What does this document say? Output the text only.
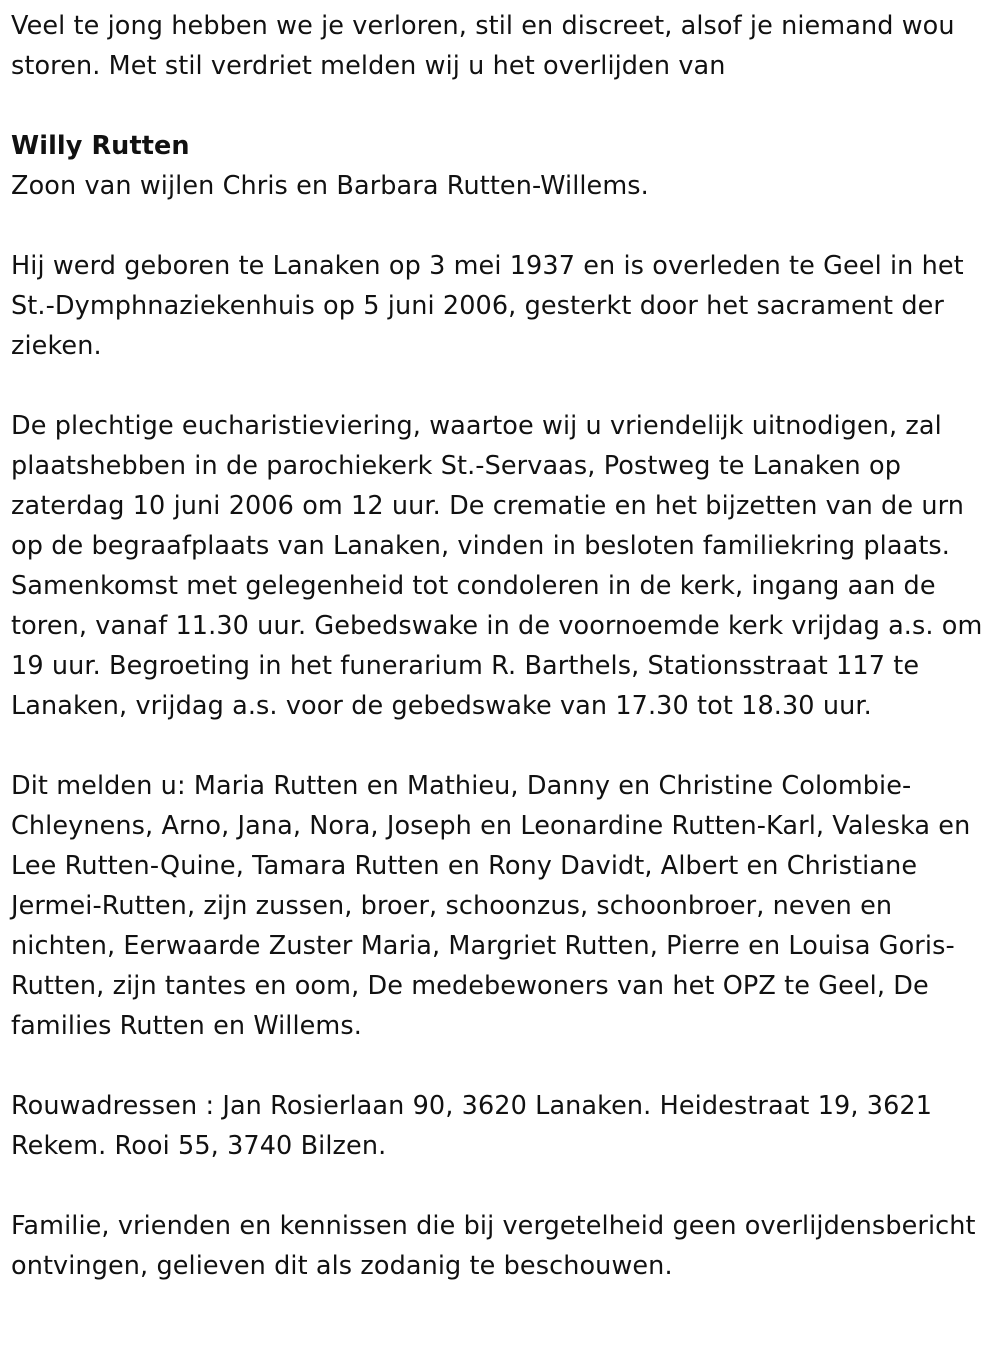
Veel te jong hebben we je verloren, stil en discreet, alsof je niemand wou storen. Met stil verdriet melden wij u het overlijden van

Willy Rutten

Zoon van wijlen Chris en Barbara Rutten-Willems.

Hij werd geboren te Lanaken op 3 mei 1937 en is overleden te Geel in het St.-Dymphnaziekenhuis op 5 juni 2006, gesterkt door het sacrament der zieken.

De plechtige eucharistieviering, waartoe wij u vriendelijk uitnodigen, zal plaatshebben in de parochiekerk St.-Servaas, Postweg te Lanaken op zaterdag 10 juni 2006 om 12 uur. De crematie en het bijzetten van de urn op de begraafplaats van Lanaken, vinden in besloten familiekring plaats. Samenkomst met gelegenheid tot condoleren in de kerk, ingang aan de toren, vanaf 11.30 uur. Gebedswake in de voornoemde kerk vrijdag a.s. om 19 uur. Begroeting in het funerarium R. Barthels, Stationsstraat 117 te Lanaken, vrijdag a.s. voor de gebedswake van 17.30 tot 18.30 uur.

Dit melden u: Maria Rutten en Mathieu, Danny en Christine Colombie-Chleynens, Arno, Jana, Nora, Joseph en Leonardine Rutten-Karl, Valeska en Lee Rutten-Quine, Tamara Rutten en Rony Davidt, Albert en Christiane Jermei-Rutten, zijn zussen, broer, schoonzus, schoonbroer, neven en nichten, Eerwaarde Zuster Maria, Margriet Rutten, Pierre en Louisa Goris-Rutten, zijn tantes en oom, De medebewoners van het OPZ te Geel, De families Rutten en Willems.

Rouwadressen : Jan Rosierlaan 90, 3620 Lanaken. Heidestraat 19, 3621 Rekem. Rooi 55, 3740 Bilzen.

Familie, vrienden en kennissen die bij vergetelheid geen overlijdensbericht ontvingen, gelieven dit als zodanig te beschouwen.
